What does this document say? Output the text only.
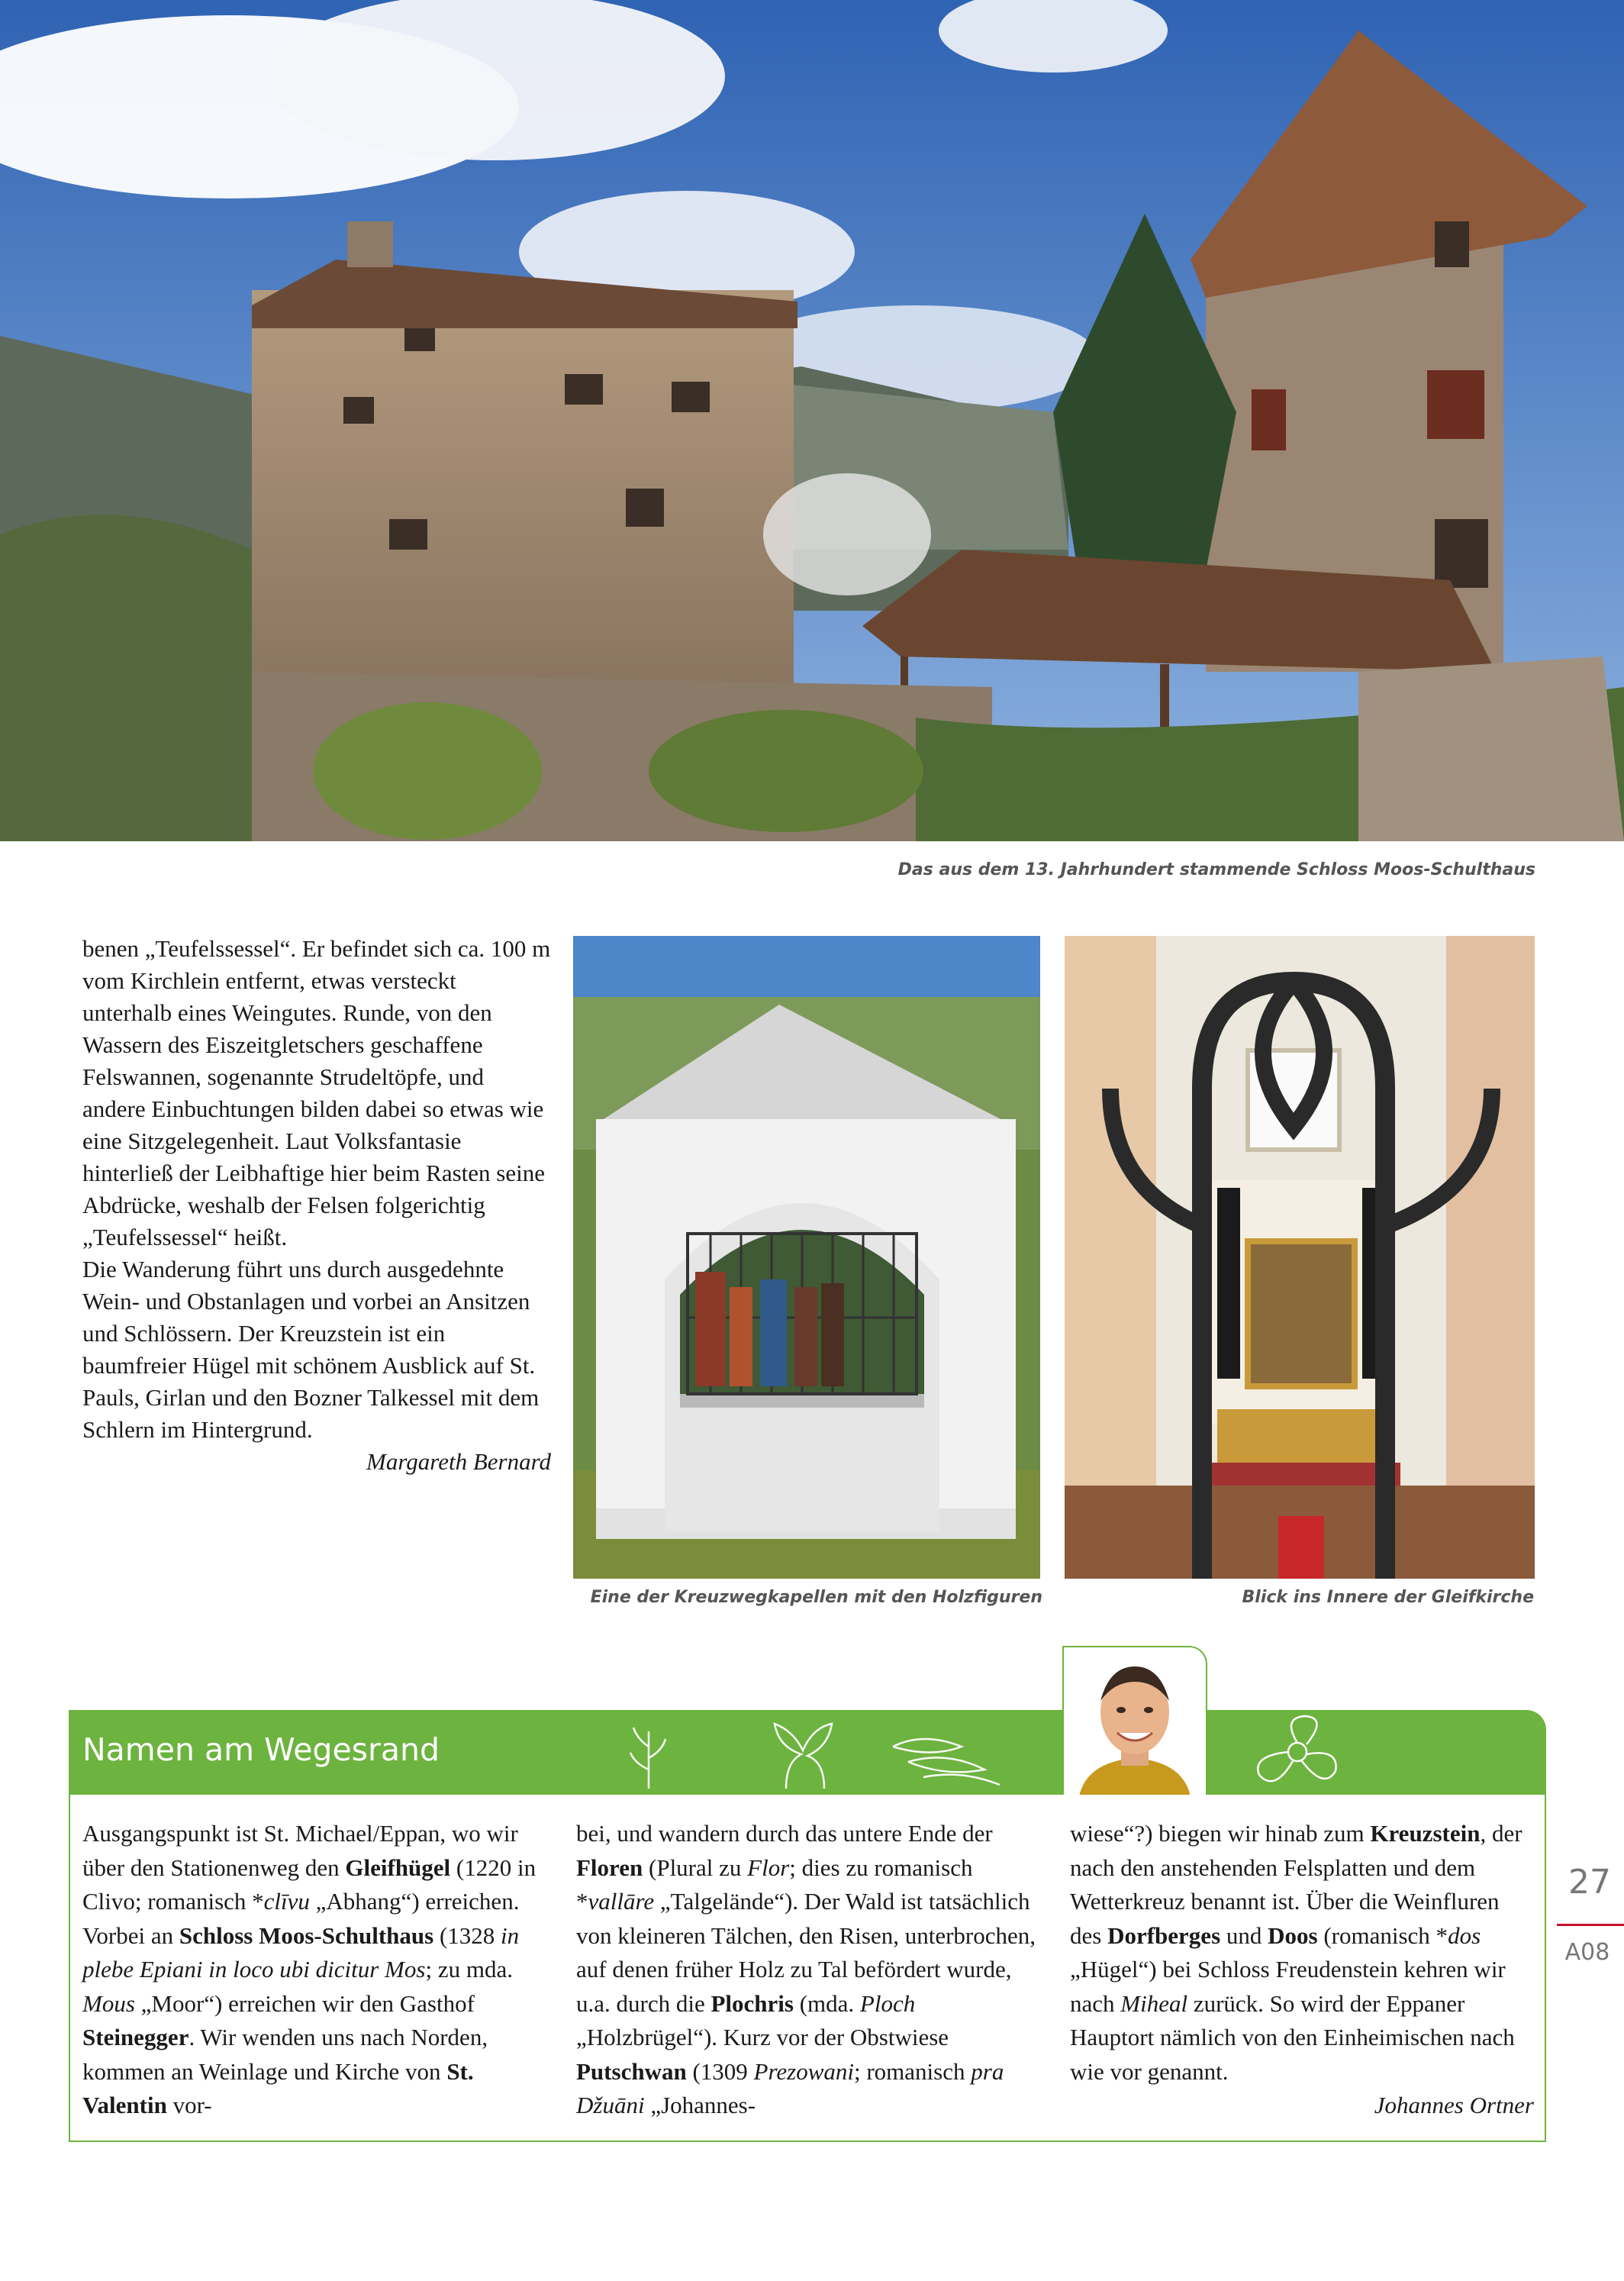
Das aus dem 13. Jahrhundert stammende Schloss Moos-Schulthaus

benen „Teufelssessel“. Er befindet sich ca. 100 m vom Kirchlein entfernt, etwas versteckt unterhalb eines Weingutes. Runde, von den Wassern des Eiszeitgletschers geschaffene Felswannen, sogenannte Strudeltöpfe, und andere Einbuchtungen bilden dabei so etwas wie eine Sitzgelegenheit. Laut Volksfantasie hinterließ der Leibhaftige hier beim Rasten seine Abdrücke, weshalb der Felsen folgerichtig „Teufelssessel“ heißt.

Die Wanderung führt uns durch ausgedehnte Wein- und Obstanlagen und vorbei an Ansitzen und Schlössern. Der Kreuzstein ist ein baumfreier Hügel mit schönem Ausblick auf St. Pauls, Girlan und den Bozner Talkessel mit dem Schlern im Hintergrund.

Margareth Bernard
Eine der Kreuzwegkapellen mit den Holzfiguren	Blick ins Innere der Gleifkirche
Namen am Wegesrand
Ausgangspunkt ist St. Michael/Eppan, wo wir über den Stationenweg den Gleifhügel (1220 in Clivo; romanisch *clīvu „Abhang“) erreichen. Vorbei an Schloss Moos-Schulthaus (1328 in plebe Epiani in loco ubi dicitur Mos; zu mda. Mous „Moor“) erreichen wir den Gasthof Steinegger. Wir wenden uns nach Norden, kommen an Weinlage und Kirche von St. Valentin vor-
bei, und wandern durch das untere Ende der Floren (Plural zu Flor; dies zu romanisch *vallāre „Talgelände“). Der Wald ist tatsächlich von kleineren Tälchen, den Risen, unterbrochen, auf denen früher Holz zu Tal befördert wurde, u.a. durch die Plochris (mda. Ploch „Holzbrügel“). Kurz vor der Obstwiese Putschwan (1309 Prezowani; romanisch pra Džuāni „Johannes-
wiese“?) biegen wir hinab zum Kreuzstein, der nach den anstehenden Felsplatten und dem Wetterkreuz benannt ist. Über die Weinfluren des Dorfberges und Doos (romanisch *dos „Hügel“) bei Schloss Freudenstein kehren wir nach Miheal zurück. So wird der Eppaner Hauptort nämlich von den Einheimischen nach wie vor genannt.
Johannes Ortner
27
A08
